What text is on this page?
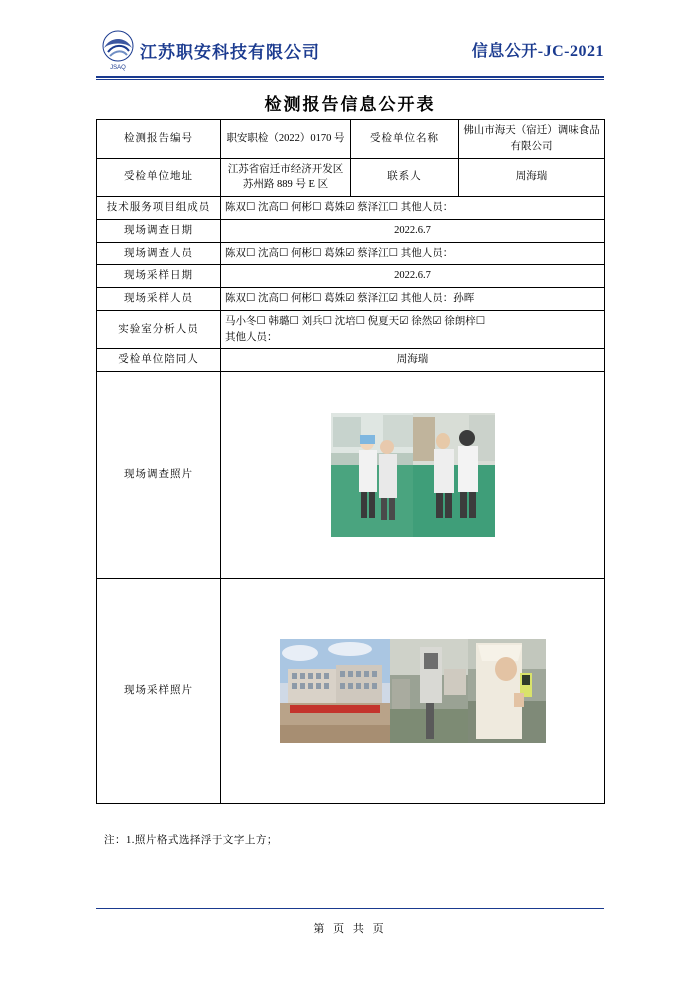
JSAQ
江苏职安科技有限公司	信息公开-JC-2021
检测报告信息公开表
检测报告编号	职安职检（2022）0170 号	受检单位名称	佛山市海天（宿迁）调味食品有限公司
受检单位地址	江苏省宿迁市经济开发区苏州路 889 号 E 区	联系人	周海瑞
技术服务项目组成员	陈双☐ 沈高☐ 何彬☐ 葛姝☑ 蔡泽江☐ 其他人员：		
现场调查日期	2022.6.7		
现场调查人员	陈双☐ 沈高☐ 何彬☐ 葛姝☑ 蔡泽江☐ 其他人员：		
现场采样日期	2022.6.7		
现场采样人员	陈双☐ 沈高☐ 何彬☐ 葛姝☑ 蔡泽江☑ 其他人员：孙晖		
实验室分析人员	马小冬☐ 韩璐☐ 刘兵☐ 沈培☐ 倪夏天☑ 徐然☑ 徐朗梓☐
其他人员：		

受检单位陪同人	周海瑞		
现场调查照片	

现场采样照片	
注：1.照片格式选择浮于文字上方；
第 页 共 页
